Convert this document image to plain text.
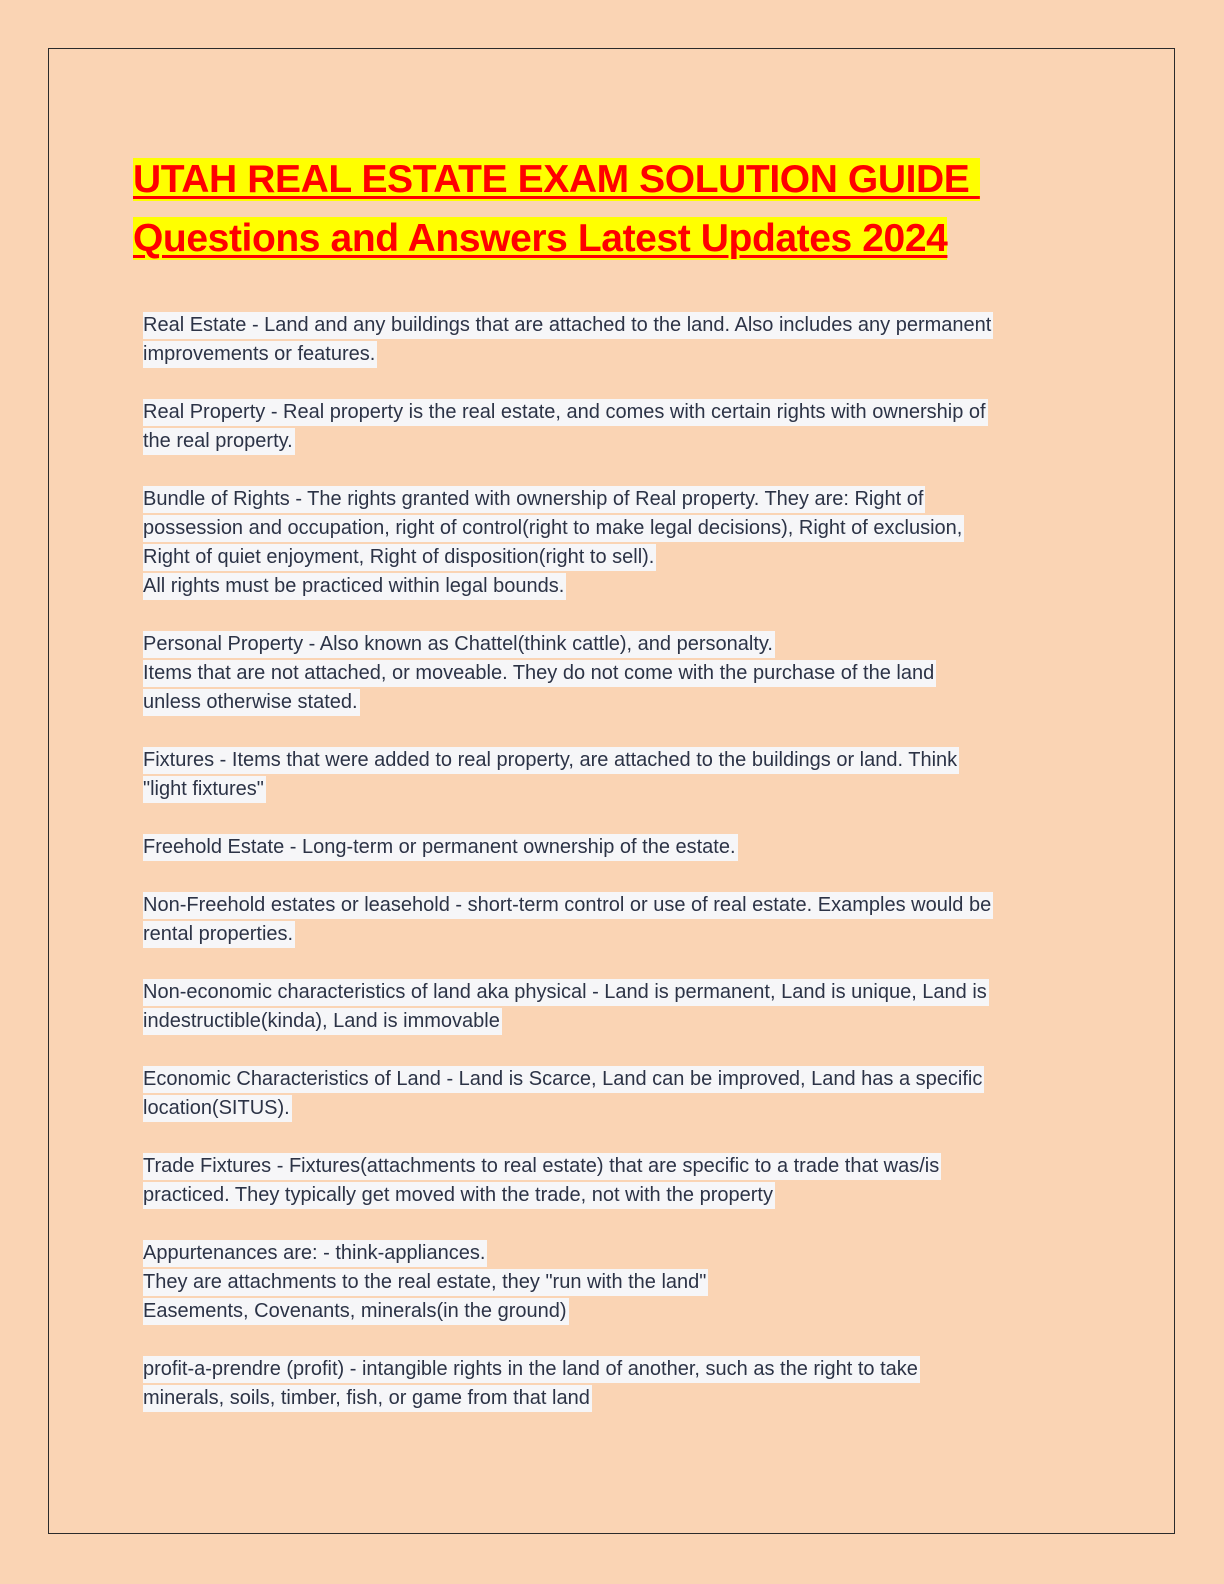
UTAH REAL ESTATE EXAM SOLUTION GUIDE
Questions and Answers Latest Updates 2024
Real Estate - Land and any buildings that are attached to the land. Also includes any permanent
improvements or features.
Real Property - Real property is the real estate, and comes with certain rights with ownership of
the real property.
Bundle of Rights - The rights granted with ownership of Real property. They are: Right of
possession and occupation, right of control(right to make legal decisions), Right of exclusion,
Right of quiet enjoyment, Right of disposition(right to sell).
All rights must be practiced within legal bounds.
Personal Property - Also known as Chattel(think cattle), and personalty.
Items that are not attached, or moveable. They do not come with the purchase of the land
unless otherwise stated.
Fixtures - Items that were added to real property, are attached to the buildings or land. Think
"light fixtures"
Freehold Estate - Long-term or permanent ownership of the estate.
Non-Freehold estates or leasehold - short-term control or use of real estate. Examples would be
rental properties.
Non-economic characteristics of land aka physical - Land is permanent, Land is unique, Land is
indestructible(kinda), Land is immovable
Economic Characteristics of Land - Land is Scarce, Land can be improved, Land has a specific
location(SITUS).
Trade Fixtures - Fixtures(attachments to real estate) that are specific to a trade that was/is
practiced. They typically get moved with the trade, not with the property
Appurtenances are: - think-appliances.
They are attachments to the real estate, they "run with the land"
Easements, Covenants, minerals(in the ground)
profit-a-prendre (profit) - intangible rights in the land of another, such as the right to take
minerals, soils, timber, fish, or game from that land
